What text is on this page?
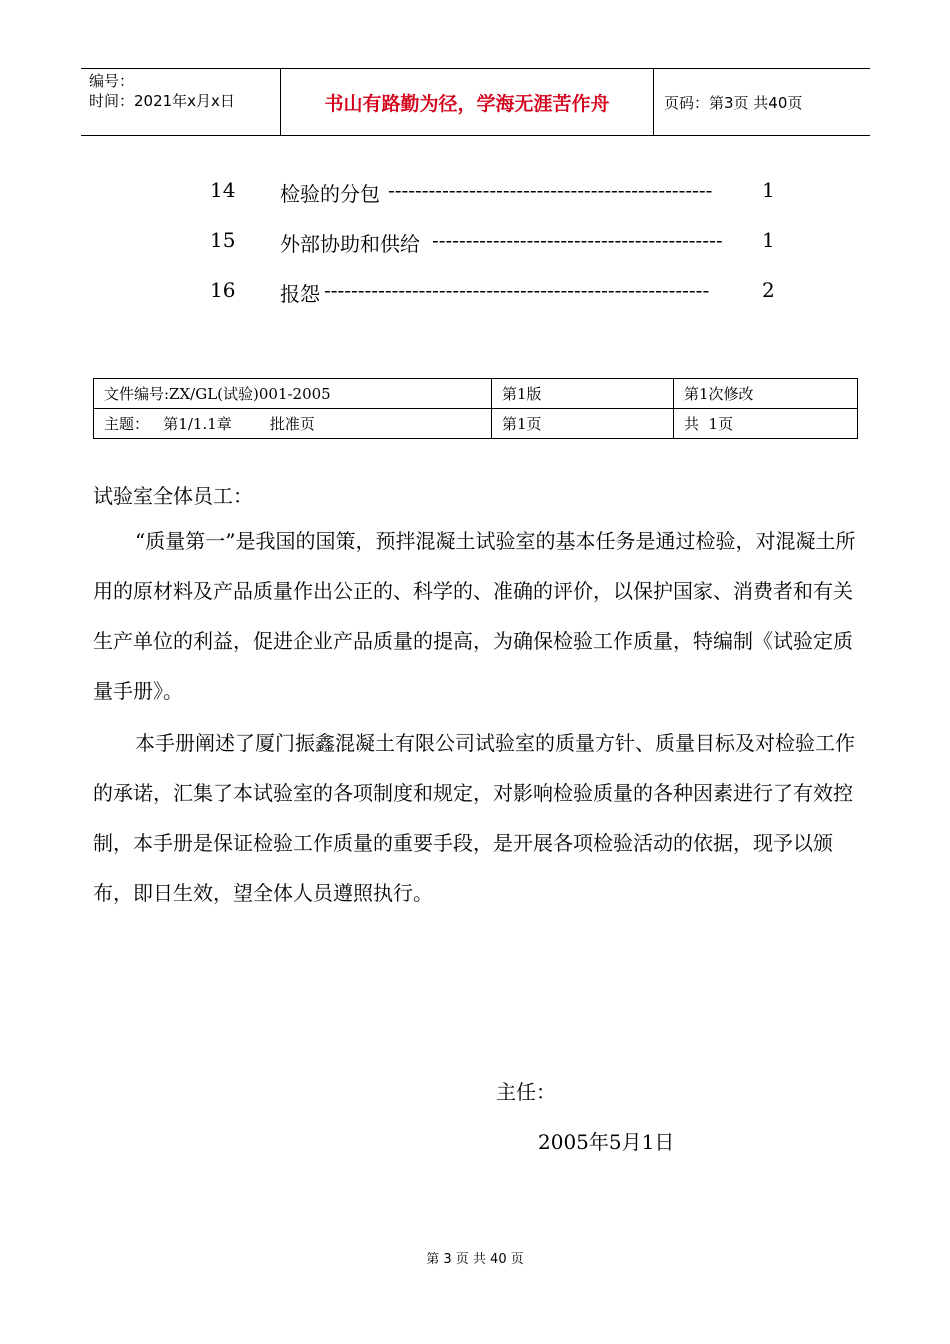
编号：
时间：2021年x月x日	书山有路勤为径，学海无涯苦作舟	页码：第3页 共40页
14 检验的分包 ------------------------------------------------	1
15 外部协助和供给 -------------------------------------------	1
16 报怨 ---------------------------------------------------------	2
文件编号:ZX/GL(试验)001-2005	第1版	第1次修改
主题：   第1/1.1章        批准页	第1页	共  1页
试验室全体员工：
“质量第一”是我国的国策，预拌混凝土试验室的基本任务是通过检验，对混凝土所用的原材料及产品质量作出公正的、科学的、准确的评价，以保护国家、消费者和有关生产单位的利益，促进企业产品质量的提高，为确保检验工作质量，特编制《试验定质量手册》。
本手册阐述了厦门振鑫混凝土有限公司试验室的质量方针、质量目标及对检验工作的承诺，汇集了本试验室的各项制度和规定，对影响检验质量的各种因素进行了有效控制，本手册是保证检验工作质量的重要手段，是开展各项检验活动的依据，现予以颁布，即日生效，望全体人员遵照执行。
主任：
2005年5月1日
第 3 页 共 40 页
